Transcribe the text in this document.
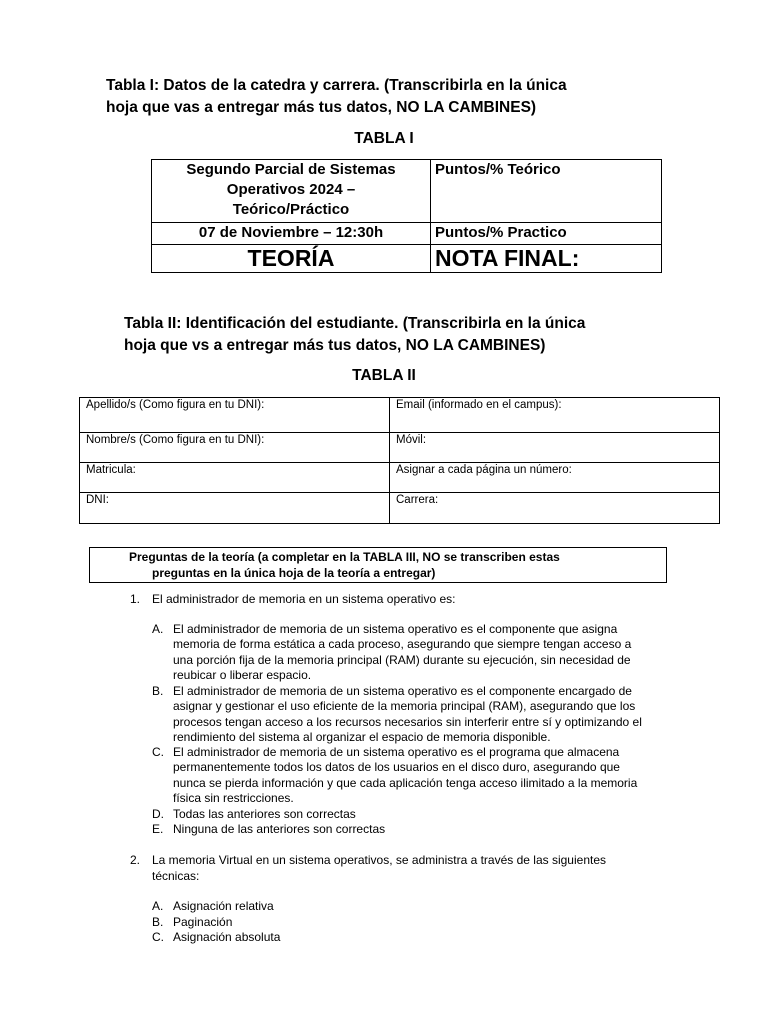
Tabla I: Datos de la catedra y carrera. (Transcribirla en la única
hoja que vas a entregar más tus datos, NO LA CAMBINES)
TABLA I
Segundo Parcial de Sistemas
Operativos 2024 –
Teórico/Práctico	Puntos/% Teórico
07 de Noviembre – 12:30h	Puntos/% Practico
TEORÍA	NOTA FINAL:
Tabla II: Identificación del estudiante. (Transcribirla en la única
hoja que vs a entregar más tus datos, NO LA CAMBINES)
TABLA II
Apellido/s (Como figura en tu DNI):	Email (informado en el campus):
Nombre/s (Como figura en tu DNI):	Móvil:
Matricula:	Asignar a cada página un número:
DNI:	Carrera:
Preguntas de la teoría (a completar en la TABLA III, NO se transcriben estas
preguntas en la única hoja de la teoría a entregar)
1. El administrador de memoria en un sistema operativo es:
A. El administrador de memoria de un sistema operativo es el componente que asigna memoria de forma estática a cada proceso, asegurando que siempre tengan acceso a una porción fija de la memoria principal (RAM) durante su ejecución, sin necesidad de reubicar o liberar espacio.
B. El administrador de memoria de un sistema operativo es el componente encargado de asignar y gestionar el uso eficiente de la memoria principal (RAM), asegurando que los procesos tengan acceso a los recursos necesarios sin interferir entre sí y optimizando el rendimiento del sistema al organizar el espacio de memoria disponible.
C. El administrador de memoria de un sistema operativo es el programa que almacena permanentemente todos los datos de los usuarios en el disco duro, asegurando que nunca se pierda información y que cada aplicación tenga acceso ilimitado a la memoria física sin restricciones.
D. Todas las anteriores son correctas
E. Ninguna de las anteriores son correctas
2. La memoria Virtual en un sistema operativos, se administra a través de las siguientes técnicas:
A. Asignación relativa
B. Paginación
C. Asignación absoluta
